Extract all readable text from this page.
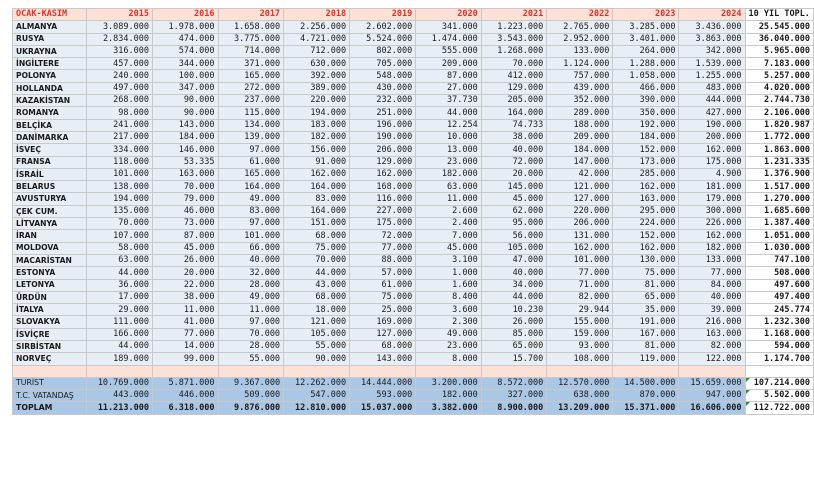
OCAK-KASIM	2015	2016	2017	2018	2019	2020	2021	2022	2023	2024	10 YIL TOPL.
ALMANYA	3.089.000	1.978.000	1.658.000	2.256.000	2.602.000	341.000	1.223.000	2.765.000	3.285.000	3.436.000	25.545.000
RUSYA	2.834.000	474.000	3.775.000	4.721.000	5.524.000	1.474.000	3.543.000	2.952.000	3.401.000	3.863.000	36.040.000
UKRAYNA	316.000	574.000	714.000	712.000	802.000	555.000	1.268.000	133.000	264.000	342.000	5.965.000
İNGİLTERE	457.000	344.000	371.000	630.000	705.000	209.000	70.000	1.124.000	1.288.000	1.539.000	7.183.000
POLONYA	240.000	100.000	165.000	392.000	548.000	87.000	412.000	757.000	1.058.000	1.255.000	5.257.000
HOLLANDA	497.000	347.000	272.000	389.000	430.000	27.000	129.000	439.000	466.000	483.000	4.020.000
KAZAKİSTAN	268.000	90.000	237.000	220.000	232.000	37.730	205.000	352.000	390.000	444.000	2.744.730
ROMANYA	98.000	90.000	115.000	194.000	251.000	44.000	164.000	289.000	350.000	427.000	2.106.000
BELÇİKA	241.000	143.000	134.000	183.000	196.000	12.254	74.733	188.000	192.000	190.000	1.820.987
DANİMARKA	217.000	184.000	139.000	182.000	190.000	10.000	38.000	209.000	184.000	200.000	1.772.000
İSVEÇ	334.000	146.000	97.000	156.000	206.000	13.000	40.000	184.000	152.000	162.000	1.863.000
FRANSA	118.000	53.335	61.000	91.000	129.000	23.000	72.000	147.000	173.000	175.000	1.231.335
İSRAİL	101.000	163.000	165.000	162.000	162.000	182.000	20.000	42.000	285.000	4.900	1.376.900
BELARUS	138.000	70.000	164.000	164.000	168.000	63.000	145.000	121.000	162.000	181.000	1.517.000
AVUSTURYA	194.000	79.000	49.000	83.000	116.000	11.000	45.000	127.000	163.000	179.000	1.270.000
ÇEK CUM.	135.000	46.000	83.000	164.000	227.000	2.600	62.000	220.000	295.000	300.000	1.685.600
LİTVANYA	70.000	73.000	97.000	151.000	175.000	2.400	95.000	206.000	224.000	226.000	1.387.400
İRAN	107.000	87.000	101.000	68.000	72.000	7.000	56.000	131.000	152.000	162.000	1.051.000
MOLDOVA	58.000	45.000	66.000	75.000	77.000	45.000	105.000	162.000	162.000	182.000	1.030.000
MACARİSTAN	63.000	26.000	40.000	70.000	88.000	3.100	47.000	101.000	130.000	133.000	747.100
ESTONYA	44.000	20.000	32.000	44.000	57.000	1.000	40.000	77.000	75.000	77.000	508.000
LETONYA	36.000	22.000	28.000	43.000	61.000	1.600	34.000	71.000	81.000	84.000	497.600
ÜRDÜN	17.000	38.000	49.000	68.000	75.000	8.400	44.000	82.000	65.000	40.000	497.400
İTALYA	29.000	11.000	11.000	18.000	25.000	3.600	10.230	29.944	35.000	39.000	245.774
SLOVAKYA	111.000	41.000	97.000	121.000	169.000	2.300	26.000	155.000	191.000	216.000	1.232.300
İSVİÇRE	166.000	77.000	70.000	105.000	127.000	49.000	85.000	159.000	167.000	163.000	1.168.000
SIRBİSTAN	44.000	14.000	28.000	55.000	68.000	23.000	65.000	93.000	81.000	82.000	594.000
NORVEÇ	189.000	99.000	55.000	90.000	143.000	8.000	15.700	108.000	119.000	122.000	1.174.700

TURİST	10.769.000	5.871.000	9.367.000	12.262.000	14.444.000	3.200.000	8.572.000	12.570.000	14.500.000	15.659.000	107.214.000

T.C. VATANDAŞ	443.000	446.000	509.000	547.000	593.000	182.000	327.000	638.000	870.000	947.000	5.502.000

TOPLAM	11.213.000	6.318.000	9.876.000	12.810.000	15.037.000	3.382.000	8.900.000	13.209.000	15.371.000	16.606.000	112.722.000
